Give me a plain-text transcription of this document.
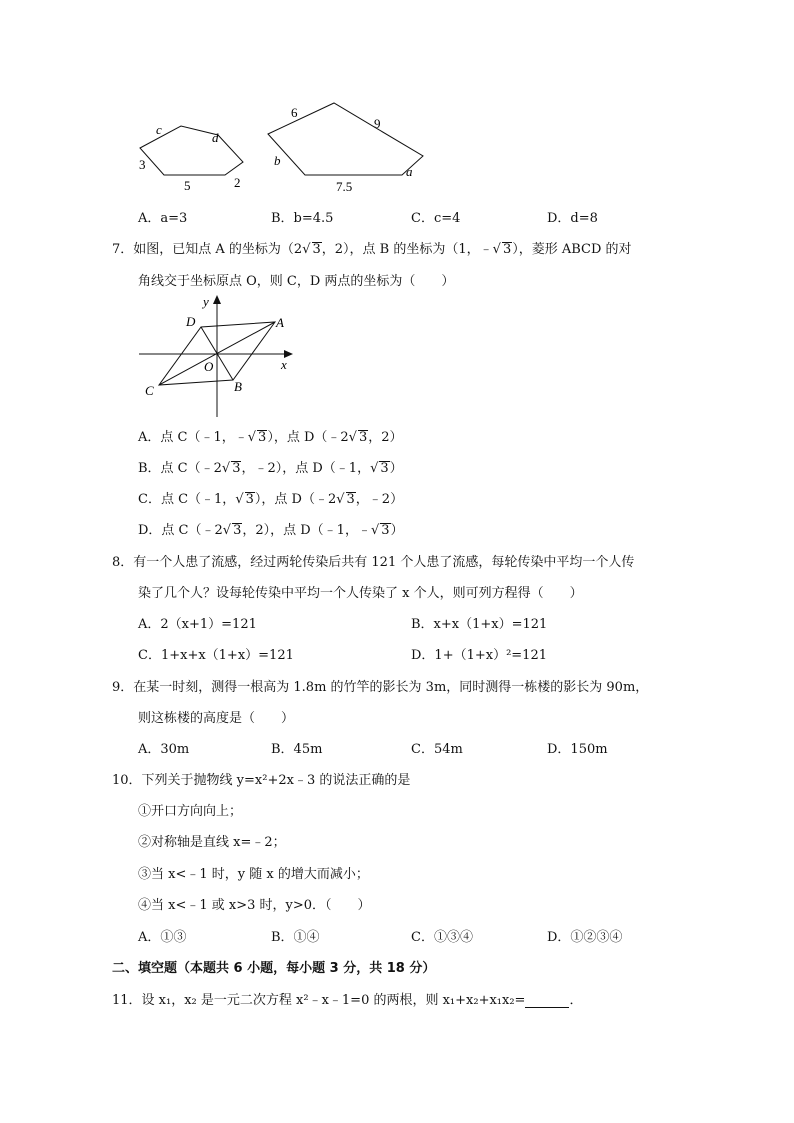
c
d
3
5	2
6
9
b
a
7.5
A．a=3	B．b=4.5	C．c=4	D．d=8
7．如图，已知点 A 的坐标为（2√ 3，2），点 B 的坐标为（1，﹣√ 3），菱形 ABCD 的对
角线交于坐标原点 O，则 C，D 两点的坐标为（　　）
y
x
A
B
C
D
O
A．点 C（﹣1，﹣√ 3），点 D（﹣2√ 3，2）
B．点 C（﹣2√ 3，﹣2），点 D（﹣1，√ 3）
C．点 C（﹣1，√ 3），点 D（﹣2√ 3，﹣2）
D．点 C（﹣2√ 3，2），点 D（﹣1，﹣√ 3）
8．有一个人患了流感，经过两轮传染后共有 121 个人患了流感，每轮传染中平均一个人传
染了几个人？设每轮传染中平均一个人传染了 x 个人，则可列方程得（　　）
A．2（x+1）=121	B．x+x（1+x）=121
C．1+x+x（1+x）=121	D．1+（1+x）²=121
9．在某一时刻，测得一根高为 1.8m 的竹竿的影长为 3m，同时测得一栋楼的影长为 90m，
则这栋楼的高度是（　　）
A．30m	B．45m	C．54m	D．150m
10．下列关于抛物线 y=x²+2x﹣3 的说法正确的是
①开口方向向上；
②对称轴是直线 x=﹣2；
③当 x<﹣1 时，y 随 x 的增大而减小；
④当 x<﹣1 或 x>3 时，y>0．（　　）
A．①③	B．①④	C．①③④	D．①②③④
二、填空题（本题共 6 小题，每小题 3 分，共 18 分）
11．设 x₁，x₂ 是一元二次方程 x²﹣x﹣1=0 的两根，则 x₁+x₂+x₁x₂=	．
